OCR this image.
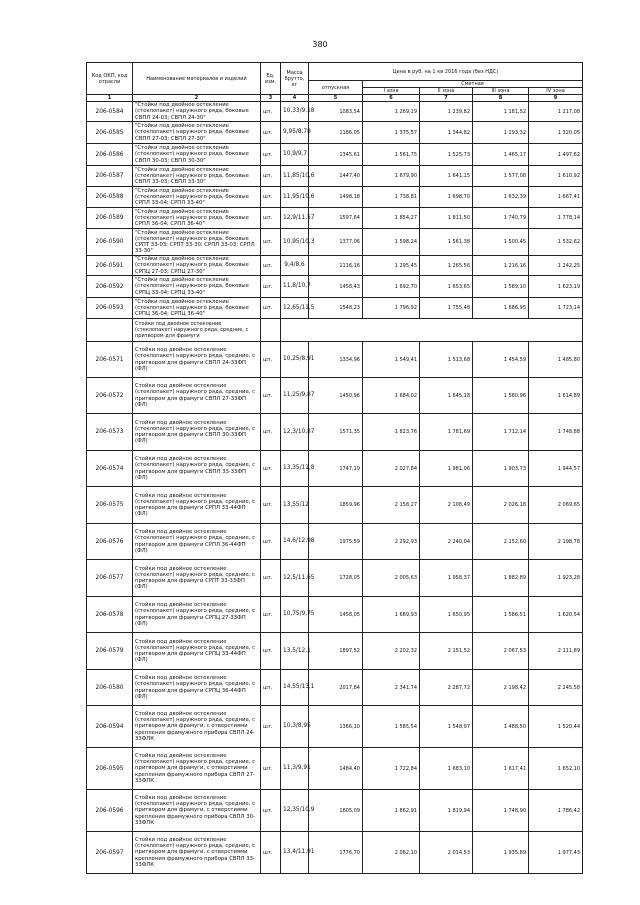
380
Код ОКП, код отрасли	Наименование материалов и изделий	Ед. изм.	Масса брутто, кг	Цена в руб. на 1 кв 2016 года (без НДС)				
				отпускная	Сметная			
					I зона	II зона	III зона	IV зона
1	2	3	4	5	6	7	8	9
206-0584	"Стойки под двойное остекление (стеклопакет) наружного ряда, боковые СВПЛ 24-03; СВПЛ 24-30"	шт.	10,33/9,18	1083,54	1 269,19	1 239,82	1 181,52	1 217,08
206-0585	"Стойки под двойное остекление (стеклопакет) наружного ряда, боковые СВПЛ 27-03; СВПЛ 27-30"	шт.	9,95/8,78	1186,05	1 375,57	1 344,82	1 293,32	1 320,05
206-0586	"Стойки под двойное остекление (стеклопакет) наружного ряда, боковые СВПЛ 30-03; СВПЛ 30-30"	шт.	10,9/9,7	1345,61	1 561,75	1 525,73	1 465,17	1 497,62
206-0587	"Стойки под двойное остекление (стеклопакет) наружного ряда, боковые СВПЛ 33-03; СВПЛ 33-30"	шт.	11,85/10,6	1447,40	1 679,90	1 641,15	1 577,08	1 610,92
206-0588	"Стойки под двойное остекление (стеклопакет) наружного ряда, боковые СРПЛ 33-04; СРПЛ 33-40"	шт.	11,95/10,6	1498,18	1 738,81	1 698,70	1 632,39	1 667,41
206-0589	"Стойки под двойное остекление (стеклопакет) наружного ряда, боковые СРПЛ 36-04; СРПЛ 36-40"	шт.	12,9/11,57	1597,64	1 854,27	1 811,50	1 740,79	1 778,14
206-0590	"Стойки под двойное остекление (стеклопакет) наружного ряда, боковые СРПТ 33-03; СРПТ 33-30; СРПЛ 33-03; СРПЛ 33-30"	шт.	10,95/10,3	1377,06	1 598,24	1 561,38	1 500,45	1 532,62
206-0591	"Стойки под двойное остекление (стеклопакет) наружного ряда, боковые СРПЦ 27-03; СРПЦ 27-30"	шт.	9,4/8,6	1116,16	1 295,45	1 265,56	1 216,16	1 242,25
206-0592	"Стойки под двойное остекление (стеклопакет) наружного ряда, боковые СРПЦ 33-04; СРПЦ 33-40"	шт.	11,8/10,7	1458,43	1 692,70	1 653,65	1 589,10	1 623,19
206-0593	"Стойки под двойное остекление (стеклопакет) наружного ряда, боковые СРПЦ 36-04; СРПЦ 36-40"	шт.	12,65/11,5	1548,23	1 796,92	1 755,48	1 686,95	1 723,14
	Стойки под двойное остекление (стеклопакет) наружного ряда, средние, с притвором для фрамуги							
206-0571	Стойки под двойное остекление (стеклопакет) наружного ряда, средние, с притвором для фрамуги СВПЛ 24-33ФП (ФЛ)	шт.	10,25/8,91	1334,96	1 549,41	1 513,68	1 454,59	1 485,80
206-0572	Стойки под двойное остекление (стеклопакет) наружного ряда, средние, с притвором для фрамуги СВПЛ 27-33ФП (ФЛ)	шт.	11,25/9,87	1450,96	1 684,02	1 645,18	1 580,96	1 614,89
206-0573	Стойки под двойное остекление (стеклопакет) наружного ряда, средние, с притвором для фрамуги СВПЛ 30-33ФП (ФЛ)	шт.	12,3/10,87	1571,35	1 823,76	1 781,69	1 712,14	1 748,88
206-0574	Стойки под двойное остекление (стеклопакет) наружного ряда, средние, с притвором для фрамуги СВПЛ 33-33ФП (ФЛ)	шт.	13,35/11,8	1747,19	2 027,84	1 981,06	1 903,73	1 944,57
206-0575	Стойки под двойное остекление (стеклопакет) наружного ряда, средние, с притвором для фрамуги СРПЛ 33-44ФП (ФЛ)	шт.	13,55/12	1859,96	2 158,27	2 108,49	2 026,18	2 069,65
206-0576	Стойки под двойное остекление (стеклопакет) наружного ряда, средние, с притвором для фрамуги СРПЛ 36-44ФП (ФЛ)	шт.	14,6/12,98	1975,59	2 292,93	2 240,04	2 152,60	2 198,78
206-0577	Стойки под двойное остекление (стеклопакет) наружного ряда, средние, с притвором для фрамуги СРПТ 33-33ФП (ФЛ)	шт.	12,5/11,65	1728,05	2 005,63	1 958,37	1 882,89	1 923,28
206-0578	Стойки под двойное остекление (стеклопакет) наружного ряда, средние, с притвором для фрамуги СРПЦ 27-33ФП (ФЛ)	шт.	10,75/9,75	1458,05	1 689,93	1 650,95	1 586,51	1 620,54
206-0579	Стойки под двойное остекление (стеклопакет) наружного ряда, средние, с притвором для фрамуги СРПЦ 33-44ФП (ФЛ)	шт.	13,5/12,1	1897,52	2 202,32	2 151,52	2 067,53	2 111,89
206-0580	Стойки под двойное остекление (стеклопакет) наружного ряда, средние, с притвором для фрамуги СРПЦ 36-44ФП (ФЛ)	шт.	14,55/13,1	2017,84	2 341,74	2 287,72	2 198,42	2 245,58
206-0594	Стойки под двойное остекление (стеклопакет) наружного ряда, средние, с притвором для фрамуги, с отверстиями крепления фрамужного прибора СВПЛ 24-33ФЛК	шт.	10,3/8,95	1366,10	1 585,54	1 548,97	1 488,50	1 520,44
206-0595	Стойки под двойное остекление (стеклопакет) наружного ряда, средние, с притвором для фрамуги, с отверстиями крепления фрамужного прибора СВПЛ 27-33ФЛК	шт.	11,3/9,91	1484,40	1 722,84	1 683,10	1 617,41	1 652,10
206-0596	Стойки под двойное остекление (стеклопакет) наружного ряда, средние, с притвором для фрамуги, с отверстиями крепления фрамужного прибора СВПЛ 30-33ФЛК	шт.	12,35/10,9	1605,09	1 862,91	1 819,94	1 748,90	1 786,42
206-0597	Стойки под двойное остекление (стеклопакет) наружного ряда, средние, с притвором для фрамуги, с отверстиями крепления фрамужного прибора СВПЛ 33-33ФЛК	шт.	13,4/11,91	1776,70	2 062,10	2 014,53	1 935,89	1 977,43
